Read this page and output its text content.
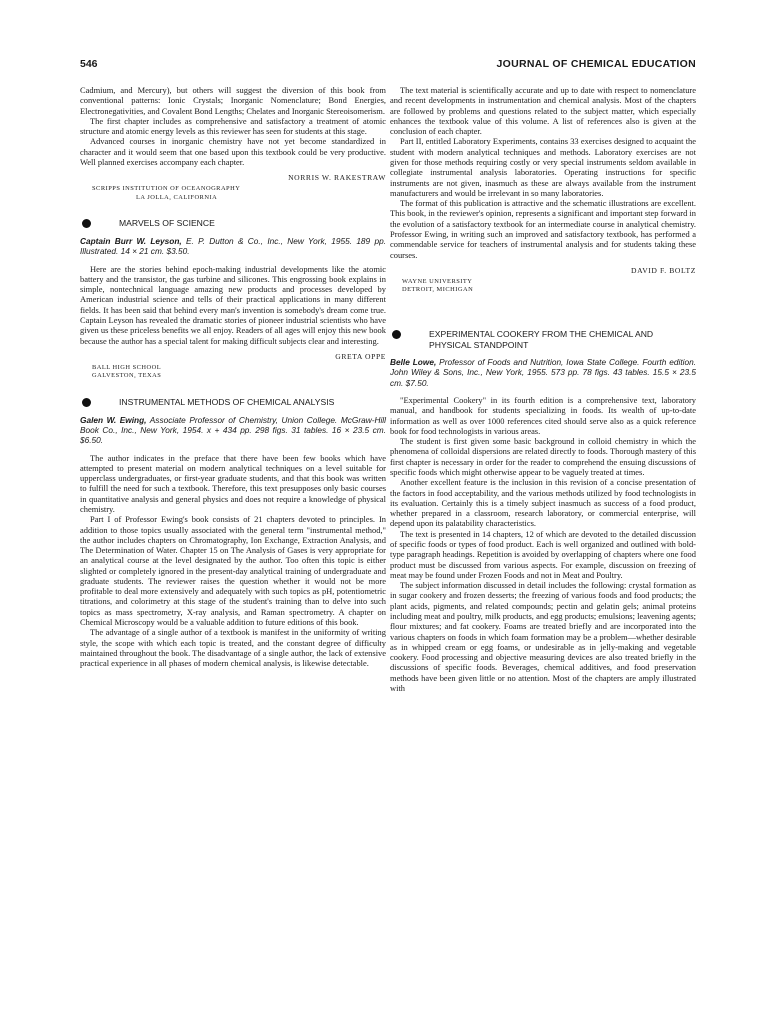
546	JOURNAL OF CHEMICAL EDUCATION

Cadmium, and Mercury), but others will suggest the diversion of this book from conventional patterns: Ionic Crystals; Inorganic Nomenclature; Bond Energies, Electronegativities, and Covalent Bond Lengths; Chelates and Inorganic Stereoisomerism.

The first chapter includes as comprehensive and satisfactory a treatment of atomic structure and atomic energy levels as this reviewer has seen for students at this stage.

Advanced courses in inorganic chemistry have not yet become standardized in character and it would seem that one based upon this textbook could be very productive. Well planned exercises accompany each chapter.

NORRIS W. RAKESTRAW
SCRIPPS INSTITUTION OF OCEANOGRAPHY
LA JOLLA, CALIFORNIA
MARVELS OF SCIENCE
Captain Burr W. Leyson, E. P. Dutton & Co., Inc., New York, 1955. 189 pp. Illustrated. 14 × 21 cm. $3.50.

Here are the stories behind epoch-making industrial developments like the atomic battery and the transistor, the gas turbine and silicones. This engrossing book explains in simple, nontechnical language amazing new products and processes developed by American industrial science and tells of their practical applications in many different fields. It has been said that behind every man's invention is somebody's dream come true. Captain Leyson has revealed the dramatic stories of pioneer industrial scientists who have given us these priceless benefits we all enjoy. Readers of all ages will enjoy this new book because the author has a special talent for making difficult subjects clear and interesting.

GRETA OPPE
BALL HIGH SCHOOL
GALVESTON, TEXAS
INSTRUMENTAL METHODS OF CHEMICAL ANALYSIS
Galen W. Ewing, Associate Professor of Chemistry, Union College. McGraw-Hill Book Co., Inc., New York, 1954. x + 434 pp. 298 figs. 31 tables. 16 × 23.5 cm. $6.50.

The author indicates in the preface that there have been few books which have attempted to present material on modern analytical techniques on a level suitable for upperclass undergraduates, or first-year graduate students, and that this book was written to fulfill the need for such a textbook. Therefore, this text presupposes only basic courses in quantitative analysis and general physics and does not require a knowledge of physical chemistry.

Part I of Professor Ewing's book consists of 21 chapters devoted to principles. In addition to those topics usually associated with the general term "instrumental method," the author includes chapters on Chromatography, Ion Exchange, Extraction Analysis, and The Determination of Water. Chapter 15 on The Analysis of Gases is very appropriate for an analytical course at the level designated by the author. Too often this topic is either slighted or completely ignored in the present-day analytical training of undergraduate and graduate students. The reviewer raises the question whether it would not be more profitable to deal more extensively and adequately with such topics as pH, potentiometric titrations, and colorimetry at this stage of the student's training than to delve into such topics as mass spectrometry, X-ray analysis, and Raman spectrometry. A chapter on Chemical Microscopy would be a valuable addition to future editions of this book.

The advantage of a single author of a textbook is manifest in the uniformity of writing style, the scope with which each topic is treated, and the constant degree of difficulty maintained throughout the book. The disadvantage of a single author, the lack of extensive practical experience in all phases of modern chemical analysis, is likewise detectable.

The text material is scientifically accurate and up to date with respect to nomenclature and recent developments in instrumentation and chemical analysis. Most of the chapters are followed by problems and questions related to the subject matter, which especially enhances the textbook value of this volume. A list of references also is given at the conclusion of each chapter.

Part II, entitled Laboratory Experiments, contains 33 exercises designed to acquaint the student with modern analytical techniques and methods. Laboratory exercises are not given for those methods requiring costly or very special instruments seldom available in collegiate instrumental analysis laboratories. Operating instructions for specific instruments are not given, inasmuch as these are always available from the instrument manufacturers and would be irrelevant in so many laboratories.

The format of this publication is attractive and the schematic illustrations are excellent. This book, in the reviewer's opinion, represents a significant and important step forward in the evolution of a satisfactory textbook for an intermediate course in analytical chemistry. Professor Ewing, in writing such an improved and satisfactory textbook, has performed a commendable service for teachers of instrumental analysis and for students taking these courses.

DAVID F. BOLTZ
WAYNE UNIVERSITY
DETROIT, MICHIGAN
EXPERIMENTAL COOKERY FROM THE CHEMICAL AND PHYSICAL STANDPOINT
Belle Lowe, Professor of Foods and Nutrition, Iowa State College. Fourth edition. John Wiley & Sons, Inc., New York, 1955. 573 pp. 78 figs. 43 tables. 15.5 × 23.5 cm. $7.50.

"Experimental Cookery" in its fourth edition is a comprehensive text, laboratory manual, and handbook for students specializing in foods. Its wealth of up-to-date information as well as over 1000 references cited should serve also as a quick reference book for food technologists in various areas.

The student is first given some basic background in colloid chemistry in which the phenomena of colloidal dispersions are related directly to foods. Thorough mastery of this first chapter is necessary in order for the reader to comprehend the ensuing discussions of specific foods which might otherwise appear to be vaguely treated at times.

Another excellent feature is the inclusion in this revision of a concise presentation of the factors in food acceptability, and the various methods utilized by food technologists in its evaluation. Certainly this is a timely subject inasmuch as success of a food product, whether prepared in a classroom, research laboratory, or commercial enterprise, will depend upon its palatability characteristics.

The text is presented in 14 chapters, 12 of which are devoted to the detailed discussion of specific foods or types of food product. Each is well organized and outlined with bold-type paragraph headings. Repetition is avoided by overlapping of chapters where one food product must be discussed from various aspects. For example, discussion on freezing of meat may be found under Frozen Foods and not in Meat and Poultry.

The subject information discussed in detail includes the following: crystal formation as in sugar cookery and frozen desserts; the freezing of various foods and food products; the plant acids, pigments, and related compounds; pectin and gelatin gels; animal proteins including meat and poultry, milk products, and egg products; emulsions; leavening agents; flour mixtures; and fat cookery. Foams are treated briefly and are incorporated into the various chapters on foods in which foam formation may be a problem—whether desirable as in whipped cream or egg foams, or undesirable as in jelly-making and vegetable cookery. Food processing and objective measuring devices are also treated briefly in the discussions of specific foods. Beverages, chemical additives, and food preservation methods have been given little or no attention. Most of the chapters are amply illustrated with
